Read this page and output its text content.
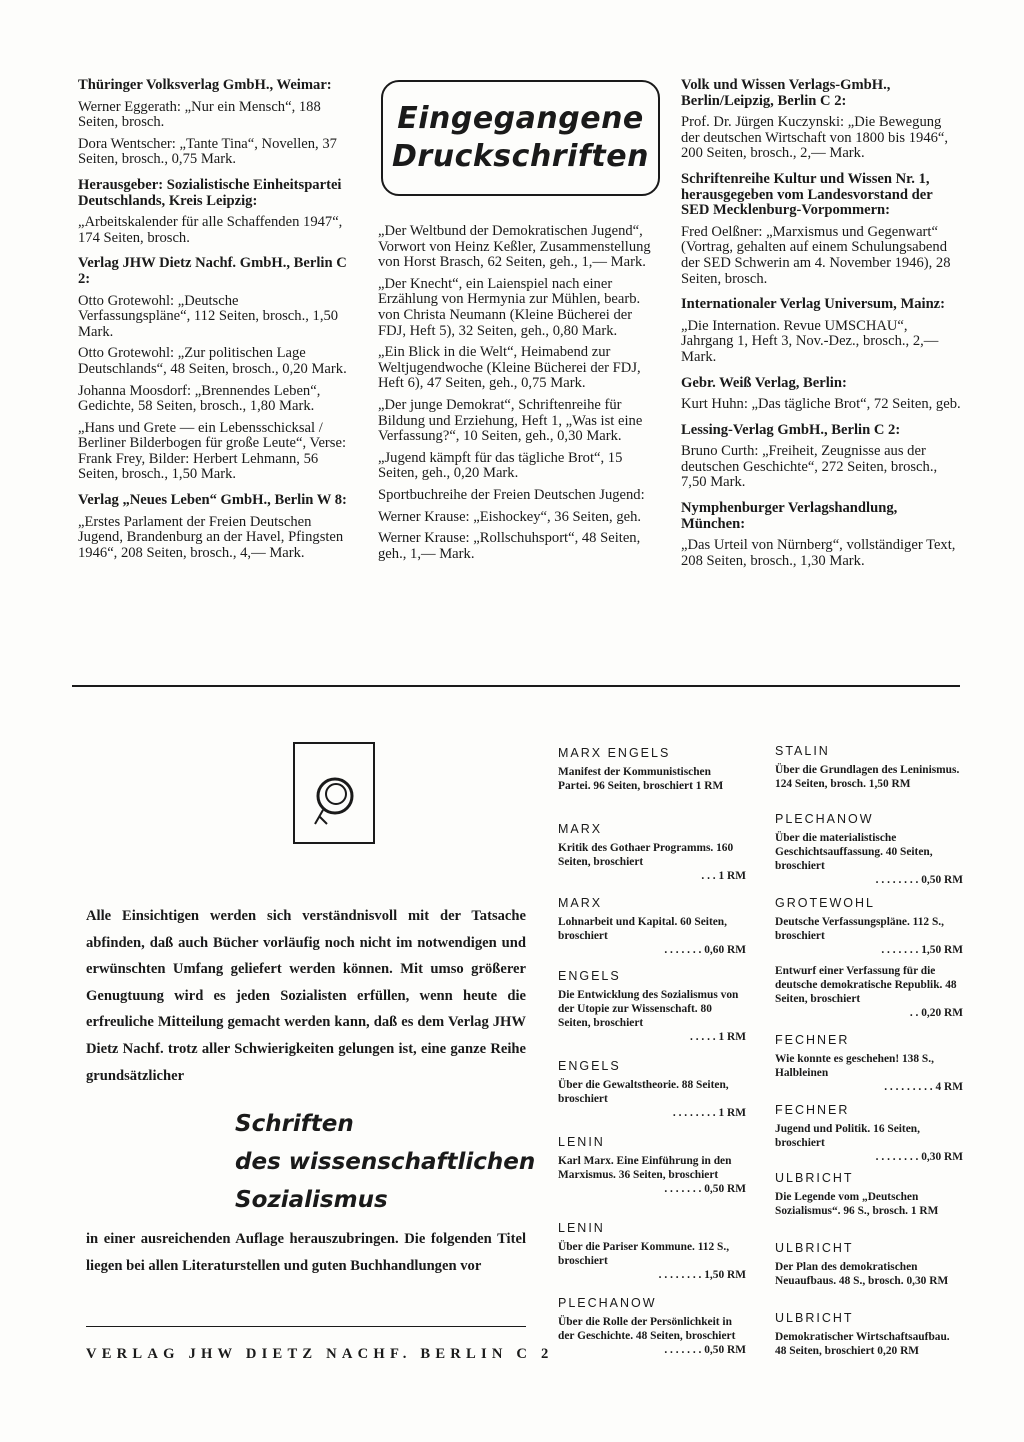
Thüringer Volksverlag GmbH., Weimar:

Werner Eggerath: „Nur ein Mensch“, 188 Seiten, brosch.

Dora Wentscher: „Tante Tina“, Novellen, 37 Seiten, brosch., 0,75 Mark.

Herausgeber: Sozialistische Einheitspartei Deutschlands, Kreis Leipzig:

„Arbeitskalender für alle Schaffenden 1947“, 174 Seiten, brosch.

Verlag JHW Dietz Nachf. GmbH., Berlin C 2:

Otto Grotewohl: „Deutsche Verfassungspläne“, 112 Seiten, brosch., 1,50 Mark.

Otto Grotewohl: „Zur politischen Lage Deutschlands“, 48 Seiten, brosch., 0,20 Mark.

Johanna Moosdorf: „Brennendes Leben“, Gedichte, 58 Seiten, brosch., 1,80 Mark.

„Hans und Grete — ein Lebensschicksal / Berliner Bilderbogen für große Leute“, Verse: Frank Frey, Bilder: Herbert Lehmann, 56 Seiten, brosch., 1,50 Mark.

Verlag „Neues Leben“ GmbH., Berlin W 8:

„Erstes Parlament der Freien Deutschen Jugend, Brandenburg an der Havel, Pfingsten 1946“, 208 Seiten, brosch., 4,— Mark.

Eingegangene
Druckschriften

„Der Weltbund der Demokratischen Jugend“, Vorwort von Heinz Keßler, Zusammenstellung von Horst Brasch, 62 Seiten, geh., 1,— Mark.

„Der Knecht“, ein Laienspiel nach einer Erzählung von Hermynia zur Mühlen, bearb. von Christa Neumann (Kleine Bücherei der FDJ, Heft 5), 32 Seiten, geh., 0,80 Mark.

„Ein Blick in die Welt“, Heimabend zur Weltjugendwoche (Kleine Bücherei der FDJ, Heft 6), 47 Seiten, geh., 0,75 Mark.

„Der junge Demokrat“, Schriftenreihe für Bildung und Erziehung, Heft 1, „Was ist eine Verfassung?“, 10 Seiten, geh., 0,30 Mark.

„Jugend kämpft für das tägliche Brot“, 15 Seiten, geh., 0,20 Mark.

Sportbuchreihe der Freien Deutschen Jugend:

Werner Krause: „Eishockey“, 36 Seiten, geh.

Werner Krause: „Rollschuhsport“, 48 Seiten, geh., 1,— Mark.

Volk und Wissen Verlags-GmbH., Berlin/Leipzig, Berlin C 2:

Prof. Dr. Jürgen Kuczynski: „Die Bewegung der deutschen Wirtschaft von 1800 bis 1946“, 200 Seiten, brosch., 2,— Mark.

Schriftenreihe Kultur und Wissen Nr. 1, herausgegeben vom Landesvorstand der SED Mecklenburg-Vorpommern:

Fred Oelßner: „Marxismus und Gegenwart“ (Vortrag, gehalten auf einem Schulungsabend der SED Schwerin am 4. November 1946), 28 Seiten, brosch.

Internationaler Verlag Universum, Mainz:

„Die Internation. Revue UMSCHAU“, Jahrgang 1, Heft 3, Nov.-Dez., brosch., 2,— Mark.

Gebr. Weiß Verlag, Berlin:

Kurt Huhn: „Das tägliche Brot“, 72 Seiten, geb.

Lessing-Verlag GmbH., Berlin C 2:

Bruno Curth: „Freiheit, Zeugnisse aus der deutschen Geschichte“, 272 Seiten, brosch., 7,50 Mark.

Nymphenburger Verlagshandlung, München:

„Das Urteil von Nürnberg“, vollständiger Text, 208 Seiten, brosch., 1,30 Mark.

Alle Einsichtigen werden sich verständnisvoll mit der Tatsache abfinden, daß auch Bücher vorläufig noch nicht im notwendigen und erwünschten Umfang geliefert werden können. Mit umso größerer Genugtuung wird es jeden Sozialisten erfüllen, wenn heute die erfreuliche Mitteilung gemacht werden kann, daß es dem Verlag JHW Dietz Nachf. trotz aller Schwierigkeiten gelungen ist, eine ganze Reihe grundsätzlicher

Schriften
des wissenschaftlichen
Sozialismus

in einer ausreichenden Auflage herauszubringen. Die folgenden Titel liegen bei allen Literaturstellen und guten Buchhandlungen vor

VERLAG JHW DIETZ NACHF. BERLIN C 2
MARX ENGELS
Manifest der Kommunistischen Partei. 96 Seiten, broschiert 1 RM
MARX
Kritik des Gothaer Programms. 160 Seiten, broschiert
. . . 1 RM
MARX
Lohnarbeit und Kapital. 60 Seiten, broschiert
. . . . . . . 0,60 RM
ENGELS
Die Entwicklung des Sozialismus von der Utopie zur Wissenschaft. 80 Seiten, broschiert
. . . . . 1 RM
ENGELS
Über die Gewaltstheorie. 88 Seiten, broschiert
. . . . . . . . 1 RM
LENIN
Karl Marx. Eine Einführung in den Marxismus. 36 Seiten, broschiert
. . . . . . . 0,50 RM
LENIN
Über die Pariser Kommune. 112 S., broschiert
. . . . . . . . 1,50 RM
PLECHANOW
Über die Rolle der Persönlichkeit in der Geschichte. 48 Seiten, broschiert
. . . . . . . 0,50 RM
STALIN
Über die Grundlagen des Leninismus. 124 Seiten, brosch. 1,50 RM
PLECHANOW
Über die materialistische Geschichtsauffassung. 40 Seiten, broschiert
. . . . . . . . 0,50 RM
GROTEWOHL
Deutsche Verfassungspläne. 112 S., broschiert
. . . . . . . 1,50 RM
Entwurf einer Verfassung für die deutsche demokratische Republik. 48 Seiten, broschiert
. . 0,20 RM
FECHNER
Wie konnte es geschehen! 138 S., Halbleinen
. . . . . . . . . 4 RM
FECHNER
Jugend und Politik. 16 Seiten, broschiert
. . . . . . . . 0,30 RM
ULBRICHT
Die Legende vom „Deutschen Sozialismus“. 96 S., brosch. 1 RM
ULBRICHT
Der Plan des demokratischen Neuaufbaus. 48 S., brosch. 0,30 RM
ULBRICHT
Demokratischer Wirtschaftsaufbau. 48 Seiten, broschiert 0,20 RM
